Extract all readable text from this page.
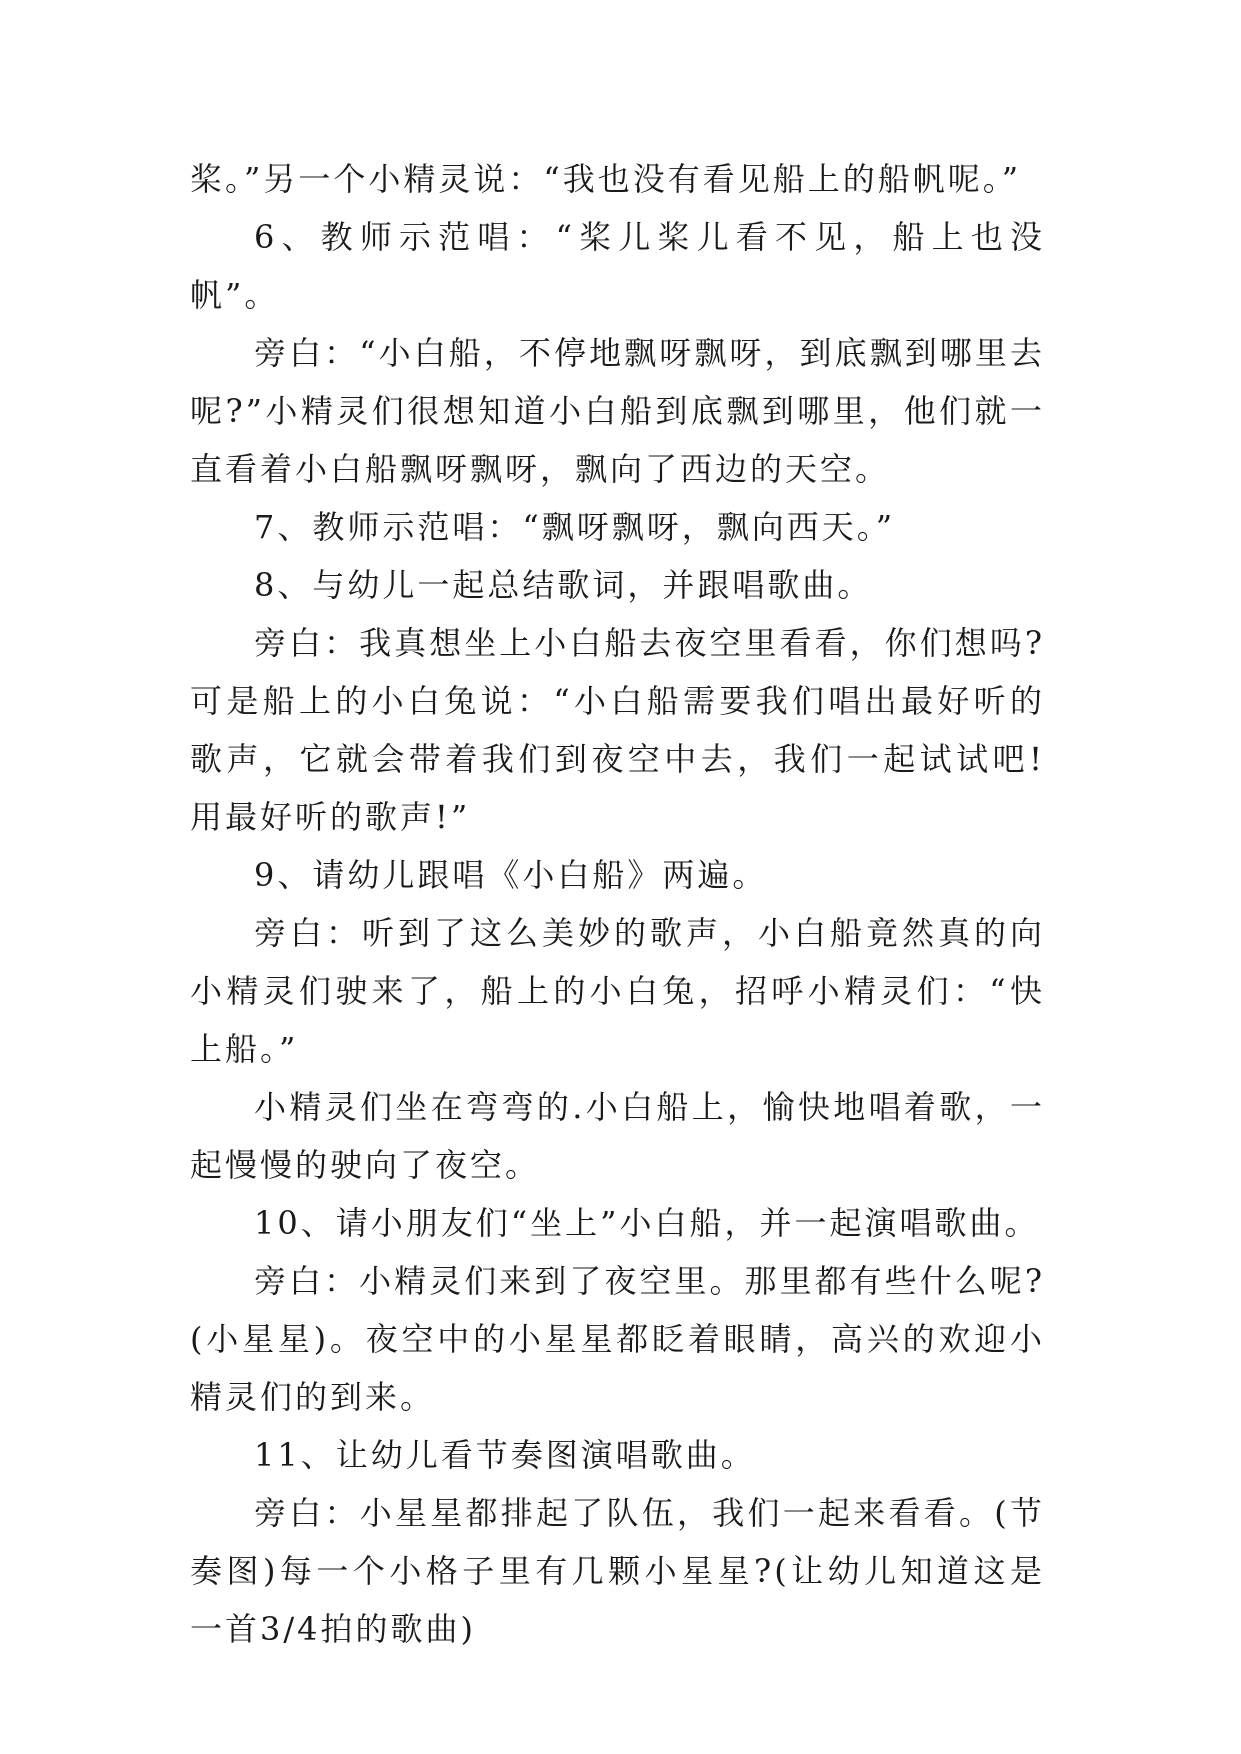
桨。”另一个小精灵说：“我也没有看见船上的船帆呢。”

6、教师示范唱：“桨儿桨儿看不见，船上也没帆”。

旁白：“小白船，不停地飘呀飘呀，到底飘到哪里去呢?”小精灵们很想知道小白船到底飘到哪里，他们就一直看着小白船飘呀飘呀，飘向了西边的天空。

7、教师示范唱：“飘呀飘呀，飘向西天。”

8、与幼儿一起总结歌词，并跟唱歌曲。

旁白：我真想坐上小白船去夜空里看看，你们想吗?可是船上的小白兔说：“小白船需要我们唱出最好听的歌声，它就会带着我们到夜空中去，我们一起试试吧!用最好听的歌声!”

9、请幼儿跟唱《小白船》两遍。

旁白：听到了这么美妙的歌声，小白船竟然真的向小精灵们驶来了，船上的小白兔，招呼小精灵们：“快上船。”

小精灵们坐在弯弯的.小白船上，愉快地唱着歌，一起慢慢的驶向了夜空。

10、请小朋友们“坐上”小白船，并一起演唱歌曲。

旁白：小精灵们来到了夜空里。那里都有些什么呢?(小星星)。夜空中的小星星都眨着眼睛，高兴的欢迎小精灵们的到来。

11、让幼儿看节奏图演唱歌曲。

旁白：小星星都排起了队伍，我们一起来看看。(节奏图)每一个小格子里有几颗小星星?(让幼儿知道这是一首3/4拍的歌曲)
